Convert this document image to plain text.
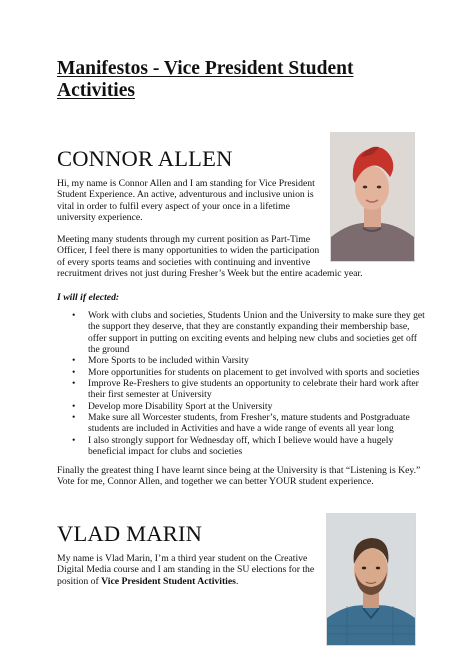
Manifestos - Vice President Student Activities
CONNOR ALLEN
Hi, my name is Connor Allen and I am standing for Vice President Student Experience. An active, adventurous and inclusive union is vital in order to fulfil every aspect of your once in a lifetime university experience.
Meeting many students through my current position as Part-Time Officer, I feel there is many opportunities to widen the participation of every sports teams and societies with continuing and inventive
recruitment drives not just during Fresher’s Week but the entire academic year.
I will if elected:
• Work with clubs and societies, Students Union and the University to make sure they get the support they deserve, that they are constantly expanding their membership base, offer support in putting on exciting events and helping new clubs and societies get off the ground
• More Sports to be included within Varsity
• More opportunities for students on placement to get involved with sports and societies
• Improve Re-Freshers to give students an opportunity to celebrate their hard work after their first semester at University
• Develop more Disability Sport at the University
• Make sure all Worcester students, from Fresher’s, mature students and Postgraduate students are included in Activities and have a wide range of events all year long
• I also strongly support for Wednesday off, which I believe would have a hugely beneficial impact for clubs and societies
Finally the greatest thing I have learnt since being at the University is that “Listening is Key.” Vote for me, Connor Allen, and together we can better YOUR student experience.
VLAD MARIN
My name is Vlad Marin, I’m a third year student on the Creative Digital Media course and I am standing in the SU elections for the position of Vice President Student Activities.
